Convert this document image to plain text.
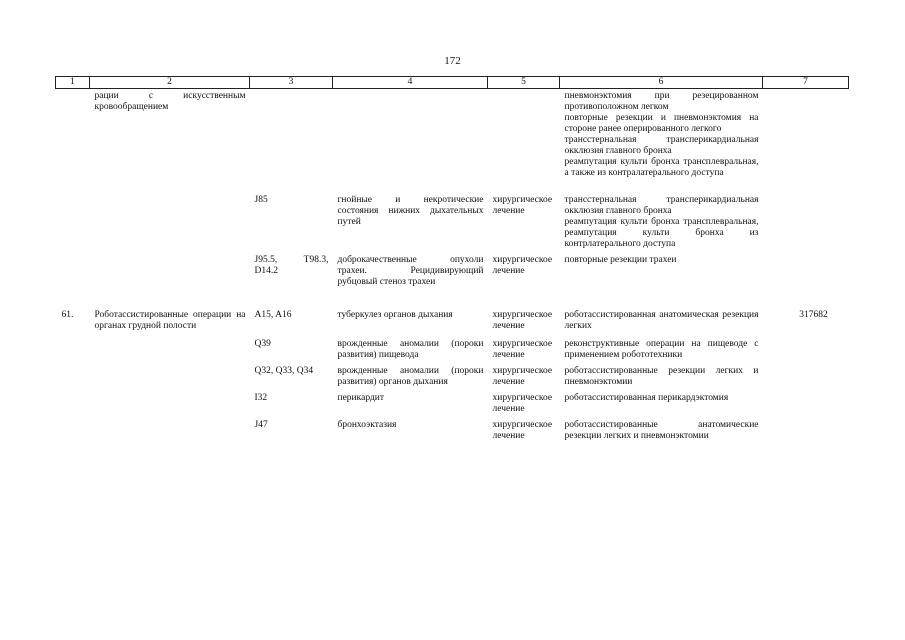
172
1	2	3	4	5	6	7

	рации с искусственным кровообращением				пневмонэктомия при резецированном противоположном легком
повторные резекции и пневмонэктомия на стороне ранее оперированного легкого
трансстернальная трансперикардиальная окклюзия главного бронха
реампутация культи бронха трансплевральная, а также из контралатерального доступа	

		J85	гнойные и некротические состояния нижних дыхательных путей	хирургическое лечение	трансстернальная трансперикардиальная окклюзия главного бронха
реампутация культи бронха трансплевральная, реампутация культи бронха из контрлатерального доступа	

		J95.5, T98.3, D14.2	доброкачественные опухоли трахеи. Рецидивирующий рубцовый стеноз трахеи	хирургическое лечение	повторные резекции трахеи	

61.	Роботассистированные операции на органах грудной полости	A15, A16	туберкулез органов дыхания	хирургическое лечение	роботассистированная анатомическая резекция легких	317682

		Q39	врожденные аномалии (пороки развития) пищевода	хирургическое лечение	реконструктивные операции на пищеводе с применением робототехники	

		Q32, Q33, Q34	врожденные аномалии (пороки развития) органов дыхания	хирургическое лечение	роботассистированные резекции легких и пневмонэктомии	

		I32	перикардит	хирургическое лечение	роботассистированная перикардэктомия	

		J47	бронхоэктазия	хирургическое лечение	роботассистированные анатомические резекции легких и пневмонэктомии	
